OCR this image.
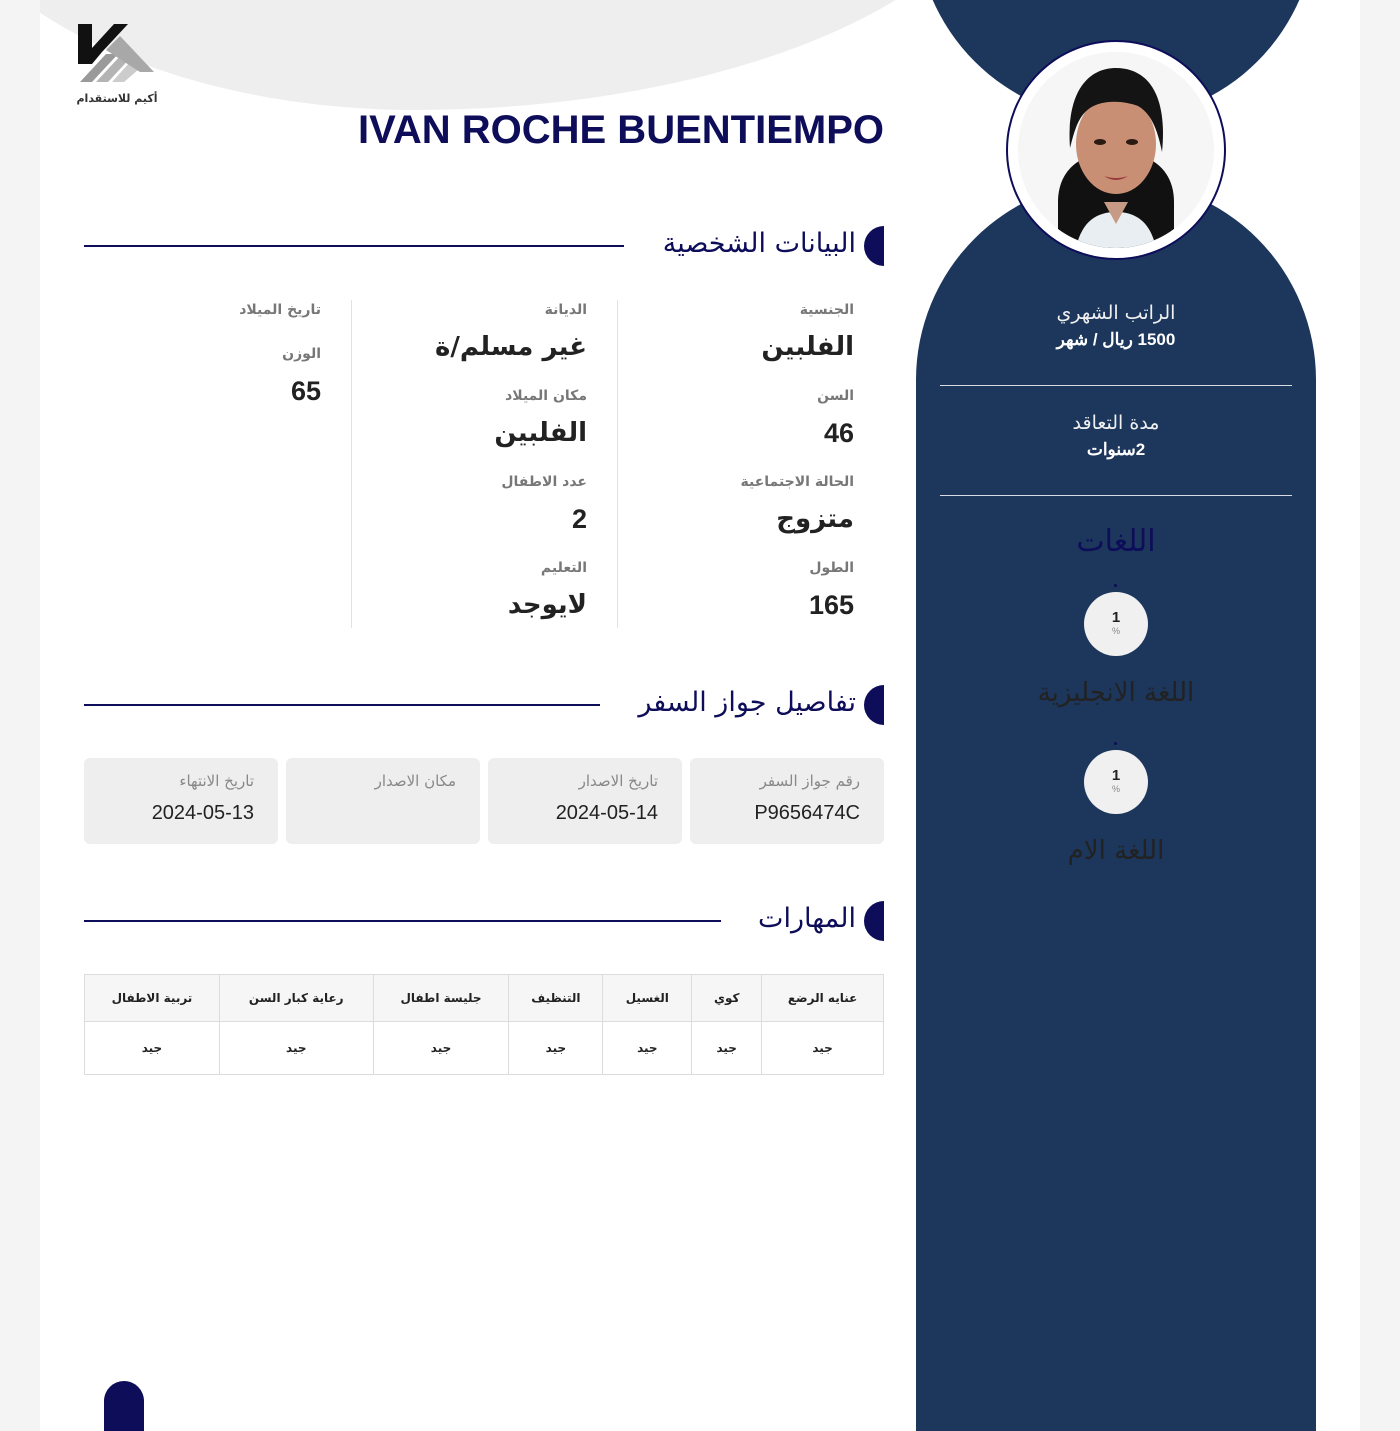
أكيم للاستقدام
IVAN ROCHE BUENTIEMPO
البيانات الشخصية
الجنسية
الفلبين
السن
46
الحالة الاجتماعية
متزوج
الطول
165
الديانة
غير مسلم/ة
مكان الميلاد
الفلبين
عدد الاطفال
2
التعليم
لايوجد
تاريخ الميلاد
الوزن
65
تفاصيل جواز السفر
رقم جواز السفر
P9656474C
تاريخ الاصدار
2024-05-14
مكان الاصدار
تاريخ الانتهاء
2024-05-13
المهارات
عنايه الرضع	كوي	الغسيل	التنظيف	جليسة اطفال	رعاية كبار السن	تربية الاطفال
جيد	جيد	جيد	جيد	جيد	جيد	جيد
الراتب الشهري
1500 ريال / شهر
مدة التعاقد
2سنوات
اللغات
1
%
اللغة الانجليزية
1
%
اللغة الام
